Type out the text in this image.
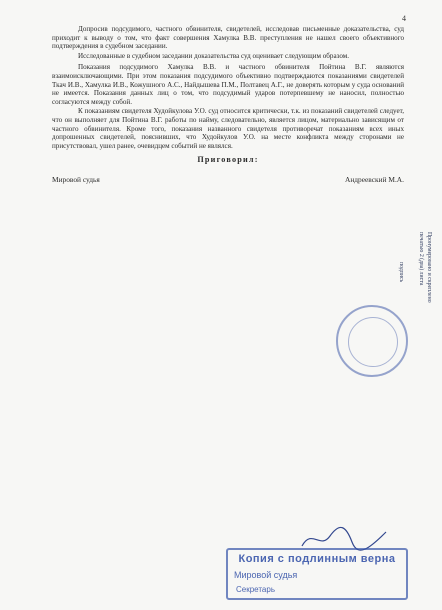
4

Допросив подсудимого, частного обвинителя, свидетелей, исследовав письменные доказательства, суд приходит к выводу о том, что факт совершения Хамулка В.В. преступления не нашел своего объективного подтверждения в судебном заседании.

Исследованные в судебном заседании доказательства суд оценивает следующим образом.

Показания подсудимого Хамулка В.В. и частного обвинителя Пойтина В.Г. являются взаимоисключающими. При этом показания подсудимого объективно подтверждаются показаниями свидетелей Ткач И.В., Хамулка И.В., Кожушного А.С., Найдышева П.М., Полтавец А.Г., не доверять которым у суда оснований не имеется. Показания данных лиц о том, что подсудимый ударов потерпевшему не наносил, полностью согласуются между собой.

К показаниям свидетеля Худойкулова У.О. суд относится критически, т.к. из показаний свидетелей следует, что он выполняет для Пойтина В.Г. работы по найму, следовательно, является лицом, материально зависящим от частного обвинителя. Кроме того, показания названного свидетеля противоречат показаниям всех иных допрошенных свидетелей, пояснивших, что Худойкулов У.О. на месте конфликта между сторонами не присутствовал, ушел ранее, очевидцем событий не являлся.

Приговорил:

Мировой судья	Андреевский М.А.
Пронумеровано и скреплено
печатью 2 (два) листа
подпись
Копия с подлинным верна
Мировой судья
Секретарь
